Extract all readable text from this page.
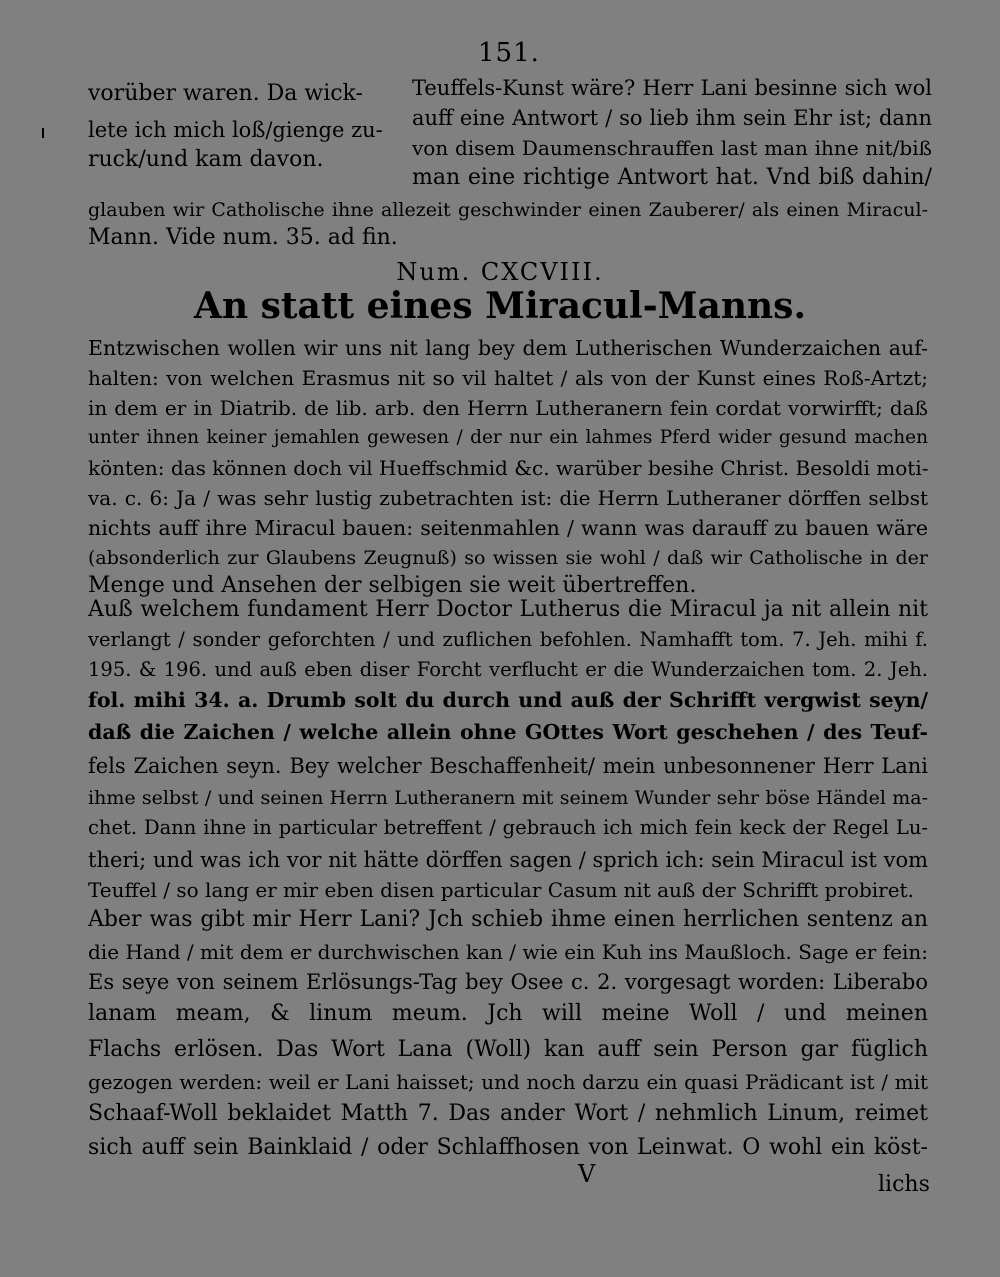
151.

vorüber waren. Da wick-

lete ich mich loß/gienge zu-

ruck/und kam davon.

Teuffels-Kunst wäre? Herr Lani besinne sich wol

auff eine Antwort / so lieb ihm sein Ehr ist; dann

von disem Daumenschrauffen last man ihne nit/biß

man eine richtige Antwort hat. Vnd biß dahin/

glauben wir Catholische ihne allezeit geschwinder einen Zauberer/ als einen Miracul-

Mann. Vide num. 35. ad fin.

Num. CXCVIII.
An statt eines Miracul-Manns.

Entzwischen wollen wir uns nit lang bey dem Lutherischen Wunderzaichen auf-

halten: von welchen Erasmus nit so vil haltet / als von der Kunst eines Roß-Artzt;

in dem er in Diatrib. de lib. arb. den Herrn Lutheranern fein cordat vorwirfft; daß

unter ihnen keiner jemahlen gewesen / der nur ein lahmes Pferd wider gesund machen

könten: das können doch vil Hueffschmid &c. warüber besihe Christ. Besoldi moti-

va. c. 6: Ja / was sehr lustig zubetrachten ist: die Herrn Lutheraner dörffen selbst

nichts auff ihre Miracul bauen: seitenmahlen / wann was darauff zu bauen wäre

(absonderlich zur Glaubens Zeugnuß) so wissen sie wohl / daß wir Catholische in der

Menge und Ansehen der selbigen sie weit übertreffen.

Auß welchem fundament Herr Doctor Lutherus die Miracul ja nit allein nit

verlangt / sonder geforchten / und zuflichen befohlen. Namhafft tom. 7. Jeh. mihi f.

195. & 196. und auß eben diser Forcht verflucht er die Wunderzaichen tom. 2. Jeh.

fol. mihi 34. a. Drumb solt du durch und auß der Schrifft vergwist seyn/

daß die Zaichen / welche allein ohne GOttes Wort geschehen / des Teuf-

fels Zaichen seyn. Bey welcher Beschaffenheit/ mein unbesonnener Herr Lani

ihme selbst / und seinen Herrn Lutheranern mit seinem Wunder sehr böse Händel ma-

chet. Dann ihne in particular betreffent / gebrauch ich mich fein keck der Regel Lu-

theri; und was ich vor nit hätte dörffen sagen / sprich ich: sein Miracul ist vom

Teuffel / so lang er mir eben disen particular Casum nit auß der Schrifft probiret.

Aber was gibt mir Herr Lani? Jch schieb ihme einen herrlichen sentenz an

die Hand / mit dem er durchwischen kan / wie ein Kuh ins Maußloch. Sage er fein:

Es seye von seinem Erlösungs-Tag bey Osee c. 2. vorgesagt worden: Liberabo

lanam meam, & linum meum. Jch will meine Woll / und meinen

Flachs erlösen. Das Wort Lana (Woll) kan auff sein Person gar füglich

gezogen werden: weil er Lani haisset; und noch darzu ein quasi Prädicant ist / mit

Schaaf-Woll beklaidet Matth 7. Das ander Wort / nehmlich Linum, reimet

sich auff sein Bainklaid / oder Schlaffhosen von Leinwat. O wohl ein köst-

V	lichs
